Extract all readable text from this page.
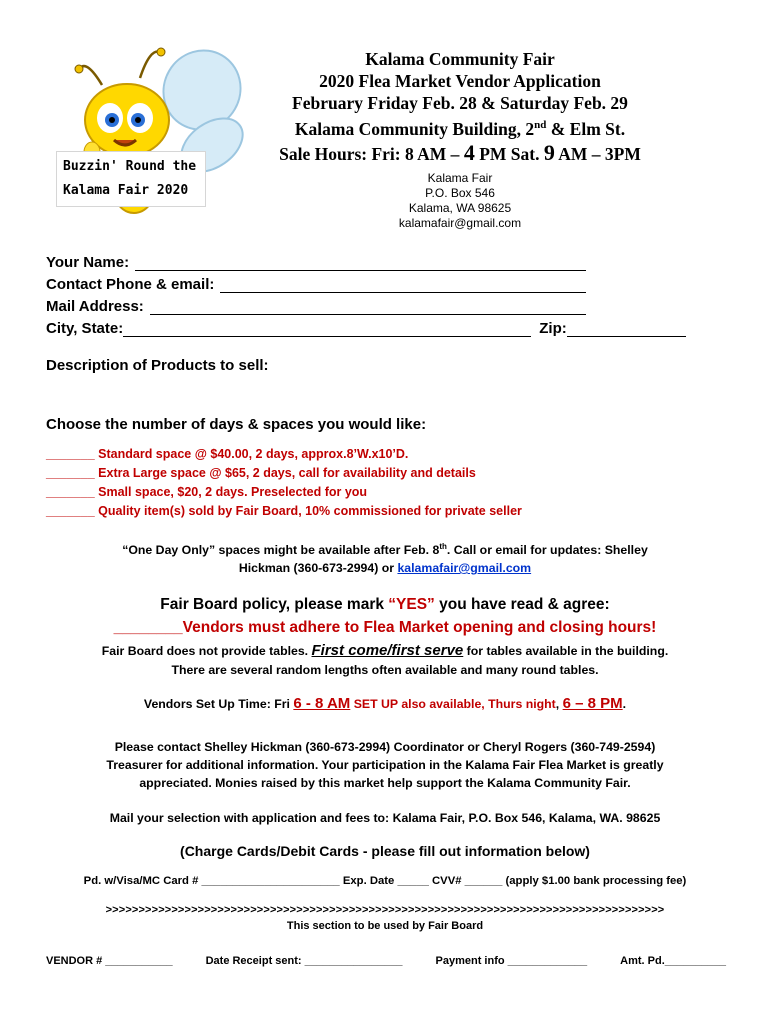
Buzzin' Round the
Kalama Fair 2020
Kalama Community Fair
2020 Flea Market Vendor Application
February Friday Feb. 28 & Saturday Feb. 29
Kalama Community Building, 2nd & Elm St.
Sale Hours: Fri: 8 AM – 4 PM Sat. 9 AM – 3PM
Kalama Fair
P.O. Box 546
Kalama, WA 98625
kalamafair@gmail.com
Your Name:
Contact Phone & email:
Mail Address:
City, State:	Zip:
Description of Products to sell:
Choose the number of days & spaces you would like:
_______ Standard space @ $40.00, 2 days, approx.8’W.x10’D.
_______ Extra Large space @ $65, 2 days, call for availability and details
_______ Small space, $20, 2 days. Preselected for you
_______ Quality item(s) sold by Fair Board, 10% commissioned for private seller
“One Day Only” spaces might be available after Feb. 8th. Call or email for updates: Shelley
Hickman (360-673-2994) or kalamafair@gmail.com
Fair Board policy, please mark “YES” you have read & agree:
________Vendors must adhere to Flea Market opening and closing hours!
Fair Board does not provide tables. First come/first serve for tables available in the building.
There are several random lengths often available and many round tables.
Vendors Set Up Time: Fri 6 - 8 AM SET UP also available, Thurs night, 6 – 8 PM.
Please contact Shelley Hickman (360-673-2994) Coordinator or Cheryl Rogers (360-749-2594)
Treasurer for additional information. Your participation in the Kalama Fair Flea Market is greatly
appreciated. Monies raised by this market help support the Kalama Community Fair.
Mail your selection with application and fees to: Kalama Fair, P.O. Box 546, Kalama, WA. 98625
(Charge Cards/Debit Cards - please fill out information below)
Pd. w/Visa/MC Card # ______________________ Exp. Date _____ CVV# ______ (apply $1.00 bank processing fee)
>>>>>>>>>>>>>>>>>>>>>>>>>>>>>>>>>>>>>>>>>>>>>>>>>>>>>>>>>>>>>>>>>>>>>>>>>>>>>>>>>>>>>
This section to be used by Fair Board
VENDOR # ___________	Date Receipt sent: ________________	Payment info _____________	Amt. Pd.__________
